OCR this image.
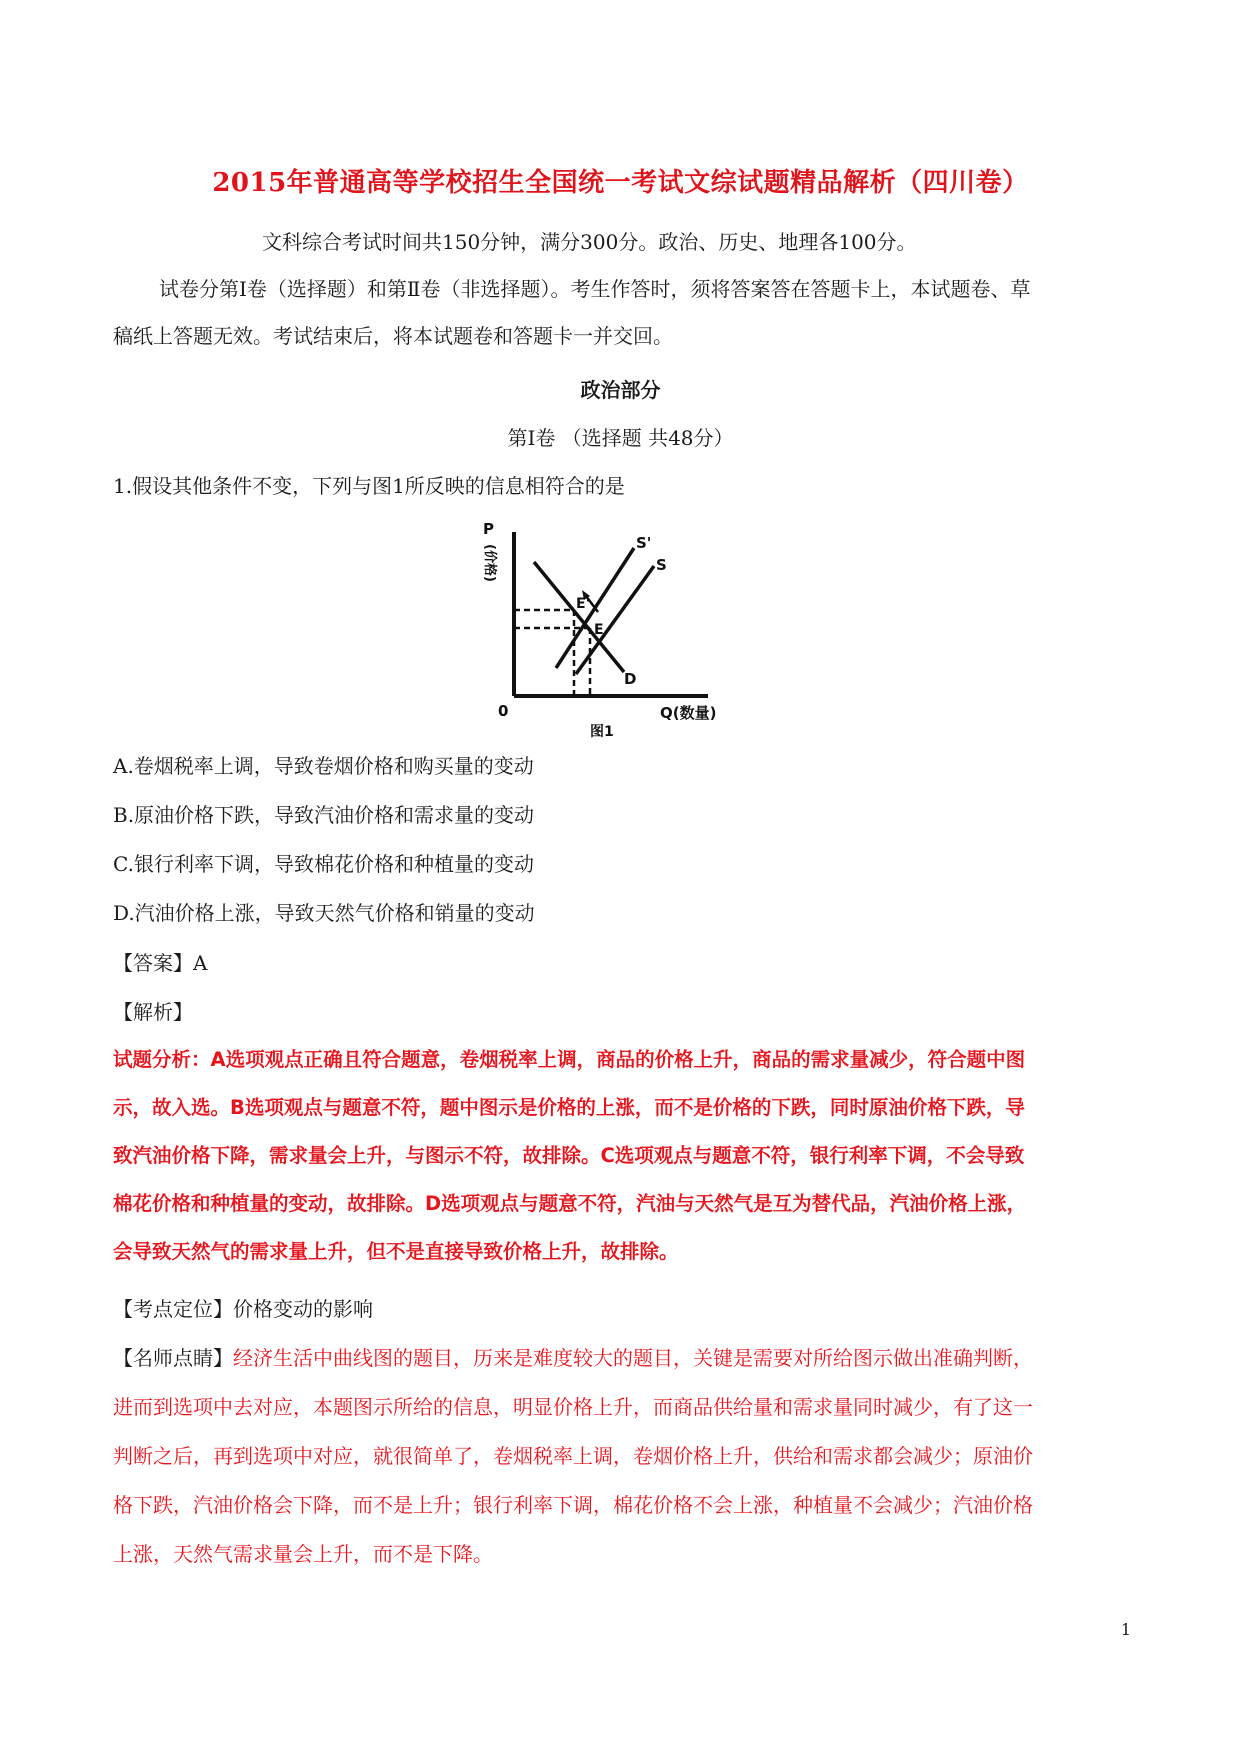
2015年普通高等学校招生全国统一考试文综试题精品解析（四川卷）
文科综合考试时间共150分钟，满分300分。政治、历史、地理各100分。
试卷分第Ⅰ卷（选择题）和第Ⅱ卷（非选择题）。考生作答时，须将答案答在答题卡上，本试题卷、草
稿纸上答题无效。考试结束后，将本试题卷和答题卡一并交回。
政治部分
第Ⅰ卷 （选择题 共48分）
1.假设其他条件不变，下列与图1所反映的信息相符合的是
P
(价格)
0	Q(数量)
图1
D
S'
S
E'
E
A.卷烟税率上调，导致卷烟价格和购买量的变动
B.原油价格下跌，导致汽油价格和需求量的变动
C.银行利率下调，导致棉花价格和种植量的变动
D.汽油价格上涨，导致天然气价格和销量的变动
【答案】A
【解析】
试题分析：A选项观点正确且符合题意，卷烟税率上调，商品的价格上升，商品的需求量减少，符合题中图
示，故入选。B选项观点与题意不符，题中图示是价格的上涨，而不是价格的下跌，同时原油价格下跌，导
致汽油价格下降，需求量会上升，与图示不符，故排除。C选项观点与题意不符，银行利率下调，不会导致
棉花价格和种植量的变动，故排除。D选项观点与题意不符，汽油与天然气是互为替代品，汽油价格上涨，
会导致天然气的需求量上升，但不是直接导致价格上升，故排除。
【考点定位】价格变动的影响
【名师点睛】经济生活中曲线图的题目，历来是难度较大的题目，关键是需要对所给图示做出准确判断，
进而到选项中去对应，本题图示所给的信息，明显价格上升，而商品供给量和需求量同时减少，有了这一
判断之后，再到选项中对应，就很简单了，卷烟税率上调，卷烟价格上升，供给和需求都会减少；原油价
格下跌，汽油价格会下降，而不是上升；银行利率下调，棉花价格不会上涨，种植量不会减少；汽油价格
上涨，天然气需求量会上升，而不是下降。
1
